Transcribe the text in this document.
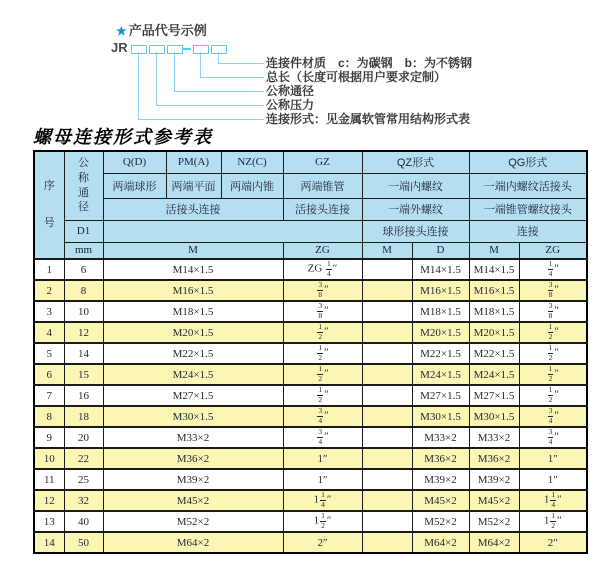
★ 产品代号示例
JR
连接件材质　c：为碳钢　b：为不锈钢
总长（长度可根据用户要求定制）
公称通径
公称压力
连接形式：见金属软管常用结构形式表
螺母连接形式参考表
序
号	公
称
通
径	Q(D)	PM(A)	NZ(C)	GZ	QZ形式		QG形式	
		两端球形	两端平面	两端内锥	两端锥管	一端内螺纹		一端内螺纹活接头	
		活接头连接			活接头连接	一端外螺纹		一端锥管螺纹接头	
	D1					球形接头连接		连接	
	mm	M			ZG	M	D	M	ZG
1	6	M14×1.5			ZG $\frac{1}{4}$ ″		M14×1.5	M14×1.5	$\frac{1}{4}$ ″
2	8	M16×1.5			$\frac{3}{8}$ ″		M16×1.5	M16×1.5	$\frac{3}{8}$ ″
3	10	M18×1.5			$\frac{3}{8}$ ″		M18×1.5	M18×1.5	$\frac{3}{8}$ ″
4	12	M20×1.5			$\frac{1}{2}$ ″		M20×1.5	M20×1.5	$\frac{1}{2}$ ″
5	14	M22×1.5			$\frac{1}{2}$ ″		M22×1.5	M22×1.5	$\frac{1}{2}$ ″
6	15	M24×1.5			$\frac{1}{2}$ ″		M24×1.5	M24×1.5	$\frac{1}{2}$ ″
7	16	M27×1.5			$\frac{1}{2}$ ″		M27×1.5	M27×1.5	$\frac{1}{2}$ ″
8	18	M30×1.5			$\frac{3}{4}$ ″		M30×1.5	M30×1.5	$\frac{3}{4}$ ″
9	20	M33×2			$\frac{3}{4}$ ″		M33×2	M33×2	$\frac{3}{4}$ ″
10	22	M36×2			1″		M36×2	M36×2	1″
11	25	M39×2			1″		M39×2	M39×2	1″
12	32	M45×2			$1 \frac{1}{4}$ ″		M45×2	M45×2	$1 \frac{1}{4}$ ″
13	40	M52×2			$1 \frac{1}{2}$ ″		M52×2	M52×2	$1 \frac{1}{2}$ ″
14	50	M64×2			2″		M64×2	M64×2	2″
